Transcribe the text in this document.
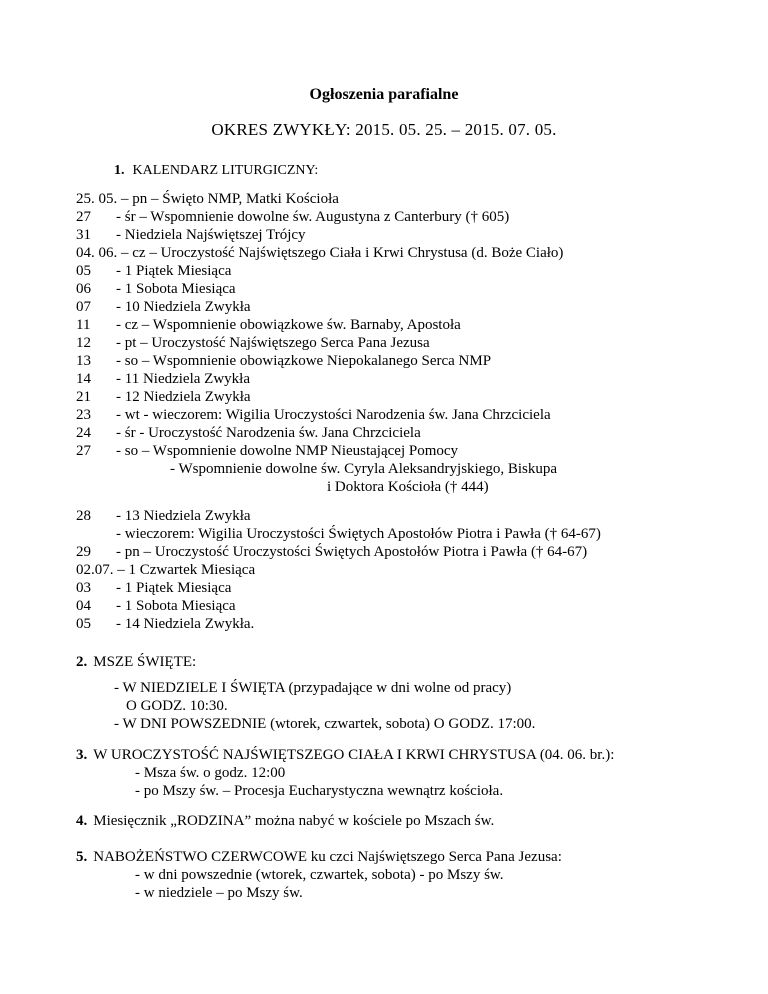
Ogłoszenia parafialne
OKRES ZWYKŁY: 2015. 05. 25. – 2015. 07. 05.
1. KALENDARZ LITURGICZNY:
25. 05. – pn – Święto NMP, Matki Kościoła
27 - śr – Wspomnienie dowolne św. Augustyna z Canterbury († 605)
31 - Niedziela Najświętszej Trójcy
04. 06. – cz – Uroczystość Najświętszego Ciała i Krwi Chrystusa (d. Boże Ciało)
05 - 1 Piątek Miesiąca
06 - 1 Sobota Miesiąca
07 - 10 Niedziela Zwykła
11 - cz – Wspomnienie obowiązkowe św. Barnaby, Apostoła
12 - pt – Uroczystość Najświętszego Serca Pana Jezusa
13 - so – Wspomnienie obowiązkowe Niepokalanego Serca NMP
14 - 11 Niedziela Zwykła
21 - 12 Niedziela Zwykła
23 - wt - wieczorem: Wigilia Uroczystości Narodzenia św. Jana Chrzciciela
24 - śr - Uroczystość Narodzenia św. Jana Chrzciciela
27 - so – Wspomnienie dowolne NMP Nieustającej Pomocy
- Wspomnienie dowolne św. Cyryla Aleksandryjskiego, Biskupa
i Doktora Kościoła († 444)
28 - 13 Niedziela Zwykła
- wieczorem: Wigilia Uroczystości Świętych Apostołów Piotra i Pawła († 64-67)
29 - pn – Uroczystość Uroczystości Świętych Apostołów Piotra i Pawła († 64-67)
02.07. – 1 Czwartek Miesiąca
03 - 1 Piątek Miesiąca
04 - 1 Sobota Miesiąca
05 - 14 Niedziela Zwykła.
2. MSZE ŚWIĘTE:
- W NIEDZIELE I ŚWIĘTA (przypadające w dni wolne od pracy)
O GODZ. 10:30.
- W DNI POWSZEDNIE (wtorek, czwartek, sobota) O GODZ. 17:00.
3. W UROCZYSTOŚĆ NAJŚWIĘTSZEGO CIAŁA I KRWI CHRYSTUSA (04. 06. br.):
- Msza św. o godz. 12:00
- po Mszy św. – Procesja Eucharystyczna wewnątrz kościoła.
4. Miesięcznik „RODZINA” można nabyć w kościele po Mszach św.
5. NABOŻEŃSTWO CZERWCOWE ku czci Najświętszego Serca Pana Jezusa:
- w dni powszednie (wtorek, czwartek, sobota) - po Mszy św.
- w niedziele – po Mszy św.
